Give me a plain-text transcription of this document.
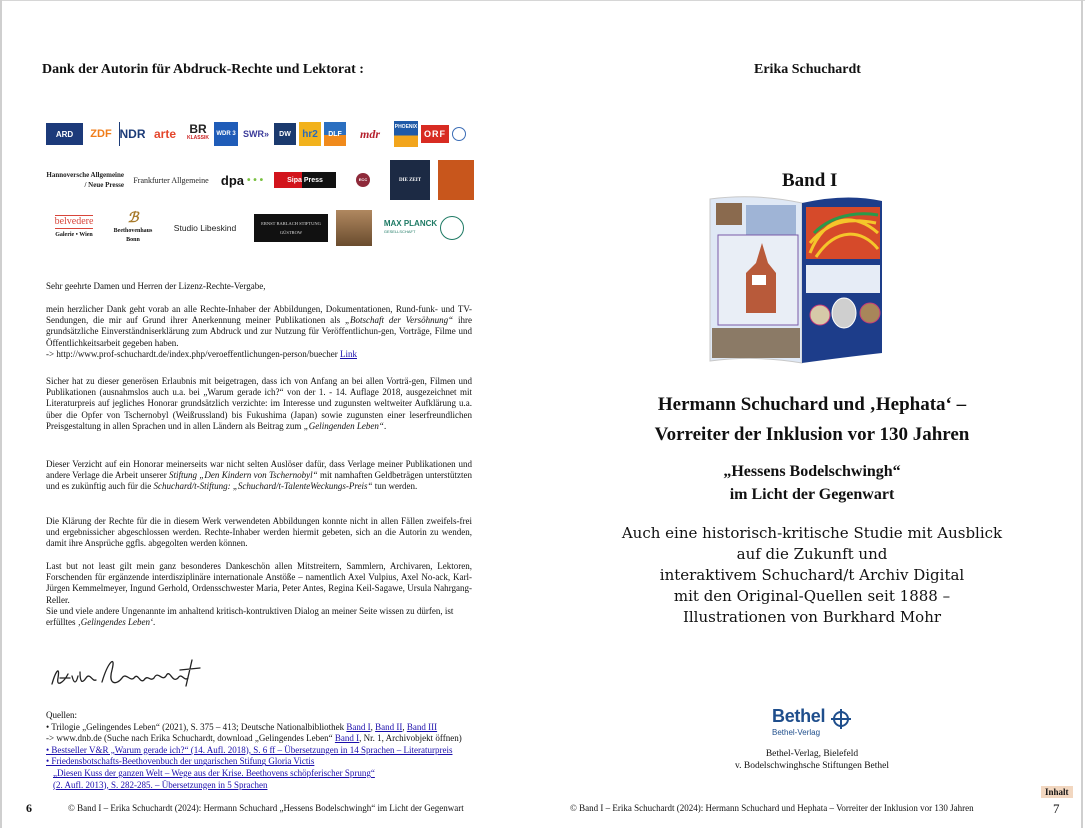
Dank der Autorin für Abdruck-Rechte und Lektorat :
ARD	ZDF NDR arte	BR
KLASSIK
WDR 3 SWR»	DW	hr2	DLF	mdr	PHOENIX
ORF
Hannoversche Allgemeine / Neue Presse
Frankfurter Allgemeine dpa • • •	Sipa Press	ECC	DIE ZEIT
belvedere
Galerie • Wien
ℬ
Beethovenhaus
Bonn
Studio Libeskind	ERNST BARLACH STIFTUNG
GÜSTROW
MAX PLANCK
GESELLSCHAFT
Sehr geehrte Damen und Herren der Lizenz-Rechte-Vergabe,

mein herzlicher Dank geht vorab an alle Rechte-Inhaber der Abbildungen, Dokumentationen, Rund-funk- und TV-Sendungen, die mir auf Grund ihrer Anerkennung meiner Publikationen als „Botschaft der Versöhnung“ ihre grundsätzliche Einverständniserklärung zum Abdruck und zur Nutzung für Veröffentlichun-gen, Vorträge, Filme und Öffentlichkeitsarbeit gegeben haben.

-> http://www.prof-schuchardt.de/index.php/veroeffentlichungen-person/buecher Link

Sicher hat zu dieser generösen Erlaubnis mit beigetragen, dass ich von Anfang an bei allen Vorträ-gen, Filmen und Publikationen (ausnahmslos auch u.a. bei „Warum gerade ich?“ von der 1. - 14. Auflage 2018, ausgezeichnet mit Literaturpreis auf jegliches Honorar grundsätzlich verzichte: im Interesse und zugunsten weltweiter Aufklärung u.a. über die Opfer von Tschernobyl (Weißrussland) bis Fukushima (Japan) sowie zugunsten einer leserfreundlichen Preisgestaltung in allen Sprachen und in allen Ländern als Beitrag zum „Gelingenden Leben“.

Dieser Verzicht auf ein Honorar meinerseits war nicht selten Auslöser dafür, dass Verlage meiner Publikationen und andere Verlage die Arbeit unserer Stiftung „Den Kindern von Tschernobyl“ mit namhaften Geldbeträgen unterstützten und es zukünftig auch für die Schuchard/t-Stiftung: „Schuchard/t-TalenteWeckungs-Preis“ tun werden.

Die Klärung der Rechte für die in diesem Werk verwendeten Abbildungen konnte nicht in allen Fällen zweifels-frei und ergebnissicher abgeschlossen werden. Rechte-Inhaber werden hiermit gebeten, sich an die Autorin zu wenden, damit ihre Ansprüche ggfls. abgegolten werden können.

Last but not least gilt mein ganz besonderes Dankeschön allen Mitstreitern, Sammlern, Archivaren, Lektoren, Forschenden für ergänzende interdisziplinäre internationale Anstöße – namentlich Axel Vulpius, Axel No-ack, Karl-Jürgen Kemmelmeyer, Ingund Gerhold, Ordensschwester Maria, Peter Antes, Regina Keil-Sagawe, Ursula Nahrgang-Reller.

Sie und viele andere Ungenannte im anhaltend kritisch-kontruktiven Dialog an meiner Seite wissen zu dürfen, ist erfülltes ‚Gelingendes Leben‘.

Quellen:
• Trilogie „Gelingendes Leben“ (2021), S. 375 – 413; Deutsche Nationalbibliothek Band I, Band II, Band III
-> www.dnb.de (Suche nach Erika Schuchardt, download „Gelingendes Leben“ Band I, Nr. 1, Archivobjekt öffnen)
• Bestseller V&R „Warum gerade ich?“ (14. Aufl. 2018), S. 6 ff – Übersetzungen in 14 Sprachen – Literaturpreis
• Friedensbotschafts-Beethovenbuch der ungarischen Stifung Gloria Victis
„Diesen Kuss der ganzen Welt – Wege aus der Krise. Beethovens schöpferischer Sprung“
(2. Aufl. 2013), S. 282-285. – Übersetzungen in 5 Sprachen
6	© Band I – Erika Schuchardt (2024): Hermann Schuchard „Hessens Bodelschwingh“ im Licht der Gegenwart
Erika Schuchardt
Band I
Hermann Schuchard und ‚Hephata‘ –
Vorreiter der Inklusion vor 130 Jahren
„Hessens Bodelschwingh“
im Licht der Gegenwart
Auch eine historisch-kritische Studie mit Ausblick
auf die Zukunft und
interaktivem Schuchard/t Archiv Digital
mit den Original-Quellen seit 1888 –
Illustrationen von Burkhard Mohr
Bethel
Bethel-Verlag
Bethel-Verlag, Bielefeld
v. Bodelschwinghsche Stiftungen Bethel
Inhalt
© Band I – Erika Schuchardt (2024): Hermann Schuchard und Hephata – Vorreiter der Inklusion vor 130 Jahren	7
